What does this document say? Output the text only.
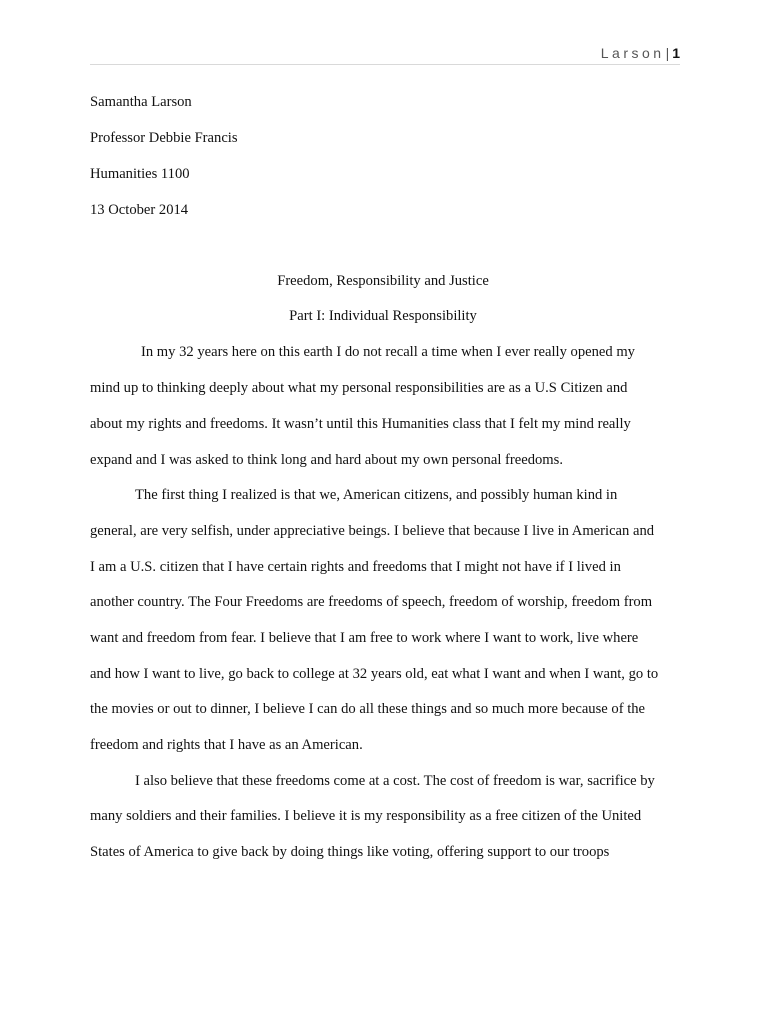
Larson| 1
Samantha Larson
Professor Debbie Francis
Humanities 1100
13 October 2014
Freedom, Responsibility and Justice
Part I: Individual Responsibility
In my 32 years here on this earth I do not recall a time when I ever really opened my
mind up to thinking deeply about what my personal responsibilities are as a U.S Citizen and
about my rights and freedoms. It wasn’t until this Humanities class that I felt my mind really
expand and I was asked to think long and hard about my own personal freedoms.
The first thing I realized is that we, American citizens, and possibly human kind in
general, are very selfish, under appreciative beings. I believe that because I live in American and
I am a U.S. citizen that I have certain rights and freedoms that I might not have if I lived in
another country. The Four Freedoms are freedoms of speech, freedom of worship, freedom from
want and freedom from fear. I believe that I am free to work where I want to work, live where
and how I want to live, go back to college at 32 years old, eat what I want and when I want, go to
the movies or out to dinner, I believe I can do all these things and so much more because of the
freedom and rights that I have as an American.
I also believe that these freedoms come at a cost. The cost of freedom is war, sacrifice by
many soldiers and their families. I believe it is my responsibility as a free citizen of the United
States of America to give back by doing things like voting, offering support to our troops
